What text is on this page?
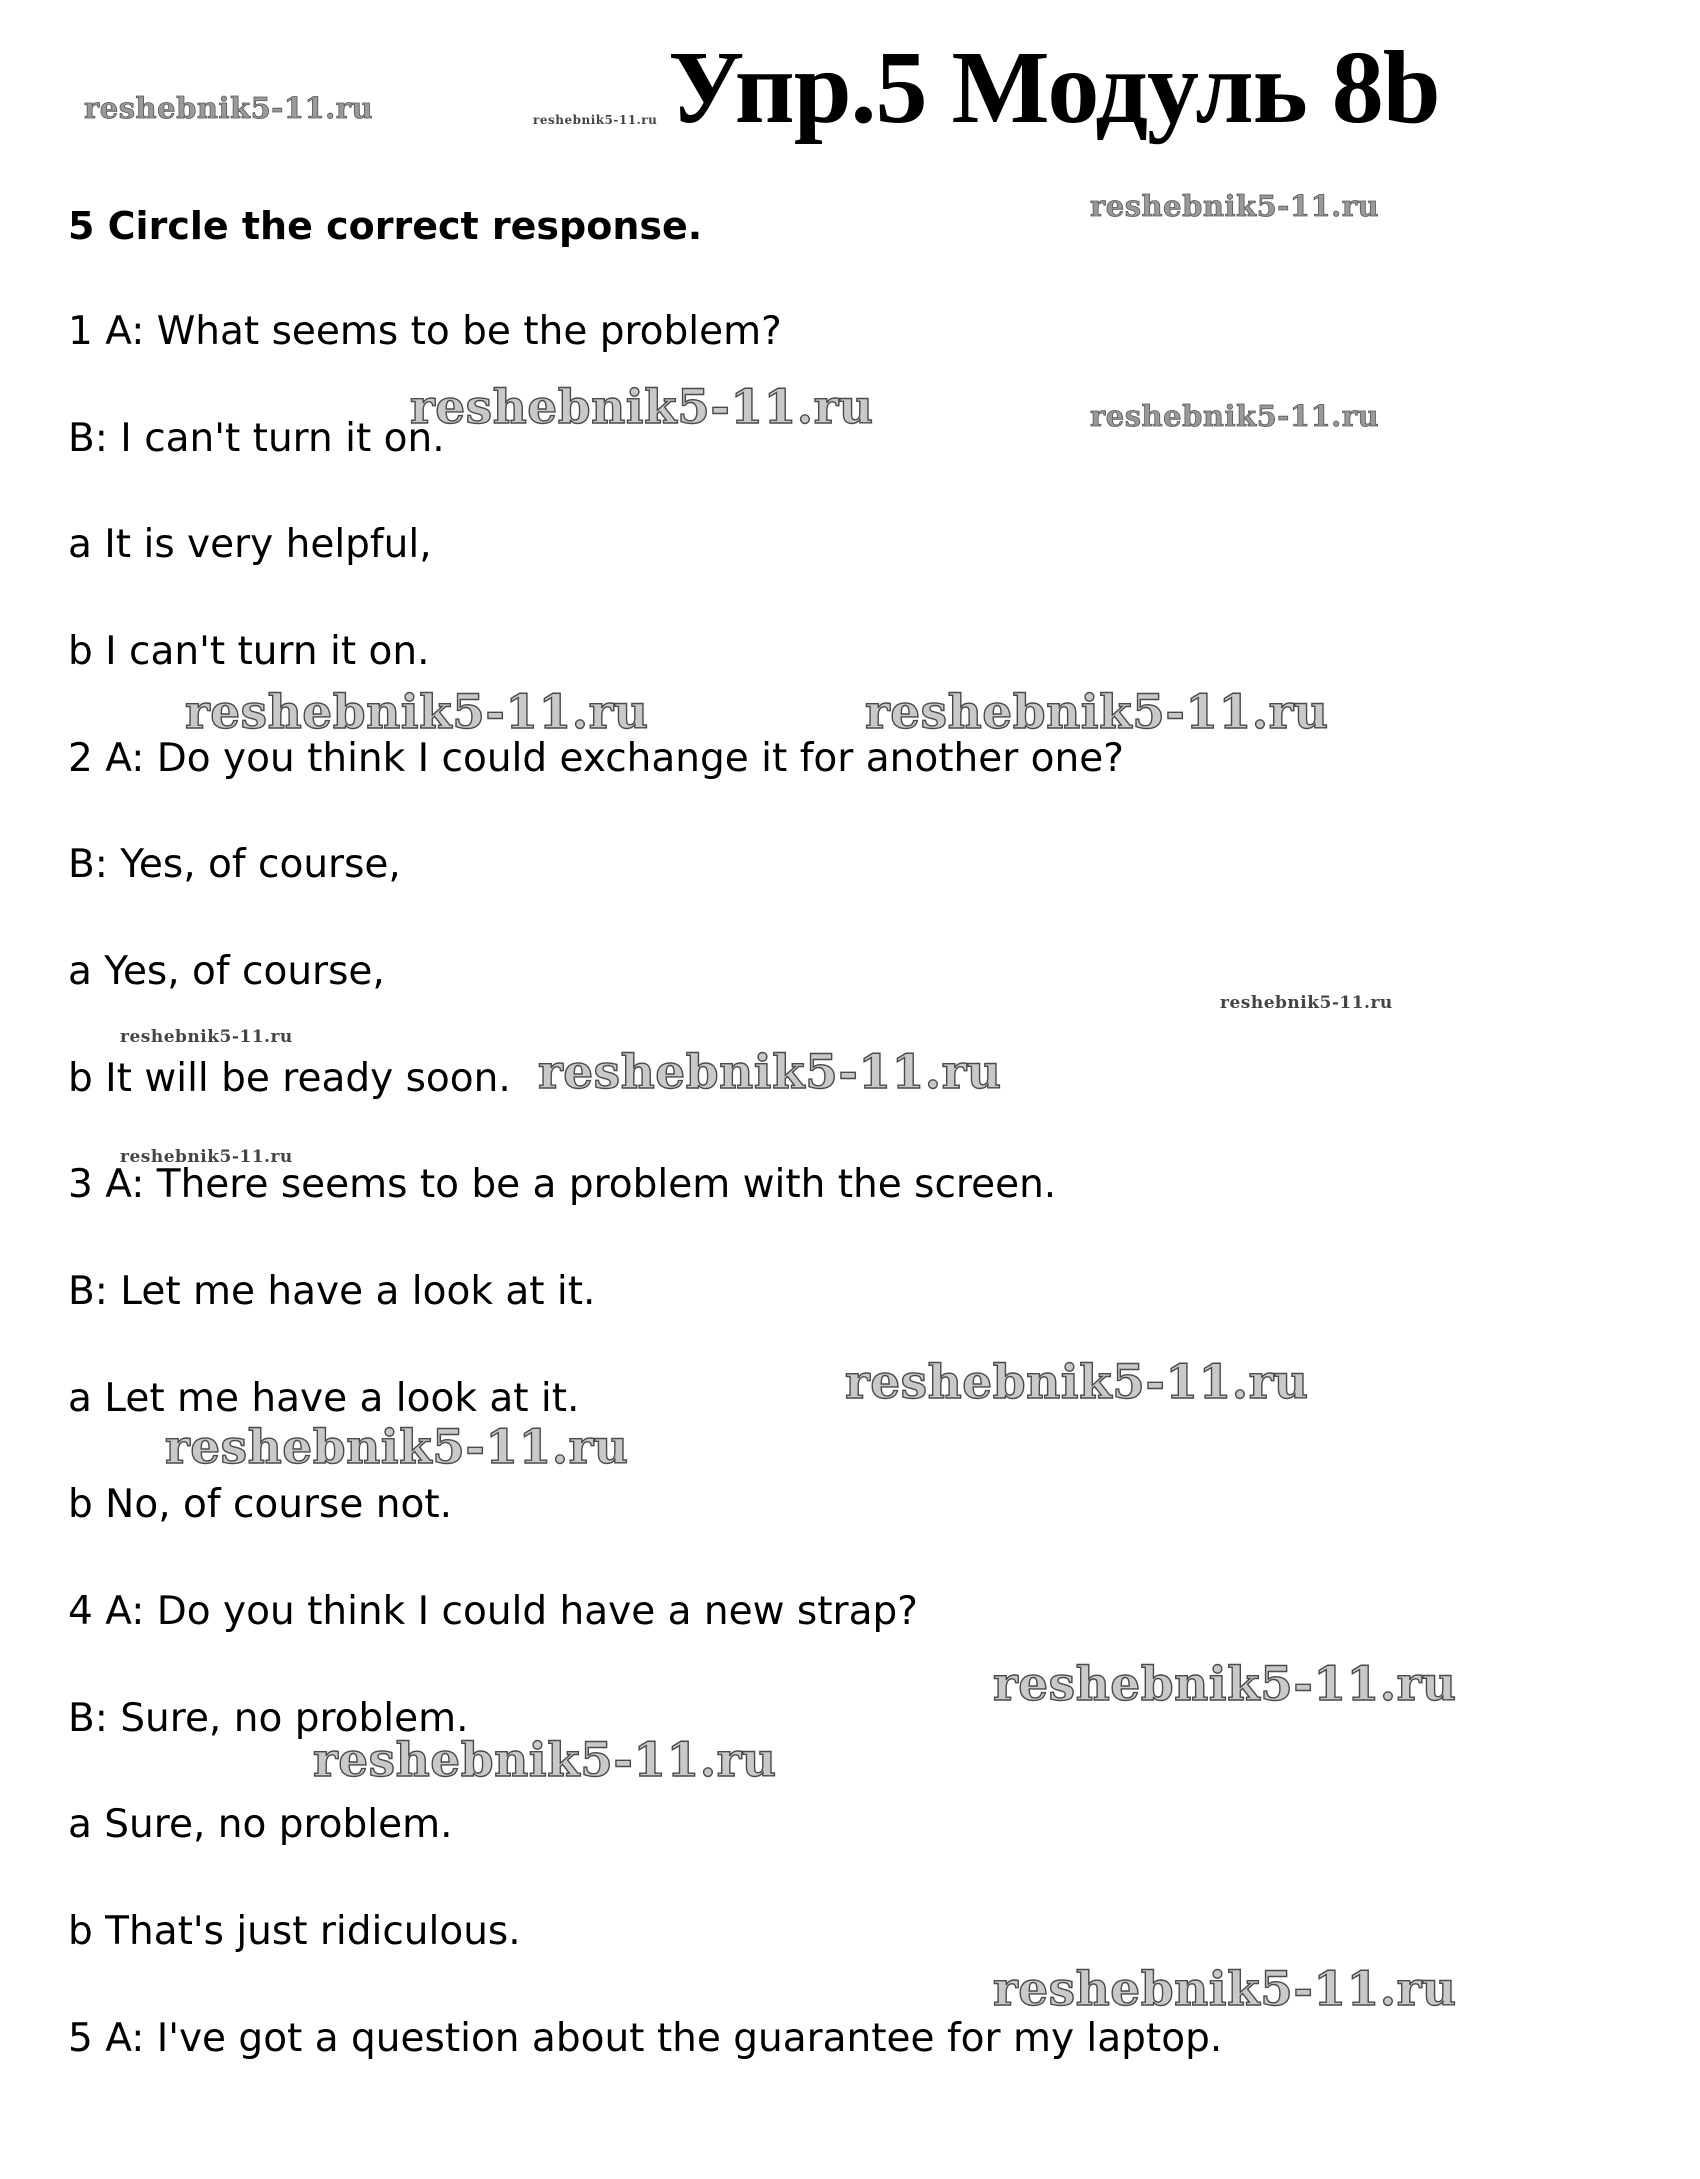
Упр.5 Модуль 8b
5 Circle the correct response.
1 A: What seems to be the problem?
B: I can't turn it on.
a It is very helpful,
b I can't turn it on.
2 A: Do you think I could exchange it for another one?
B: Yes, of course,
a Yes, of course,
b It will be ready soon.
3 A: There seems to be a problem with the screen.
B: Let me have a look at it.
a Let me have a look at it.
b No, of course not.
4 A: Do you think I could have a new strap?
B: Sure, no problem.
a Sure, no problem.
b That's just ridiculous.
5 A: I've got a question about the guarantee for my laptop.
reshebnik5-11.ru	reshebnik5-11.ru
reshebnik5-11.ru
reshebnik5-11.ru	reshebnik5-11.ru
reshebnik5-11.ru	reshebnik5-11.ru
reshebnik5-11.ru
reshebnik5-11.ru
reshebnik5-11.ru
reshebnik5-11.ru
reshebnik5-11.ru
reshebnik5-11.ru
reshebnik5-11.ru
reshebnik5-11.ru
reshebnik5-11.ru
